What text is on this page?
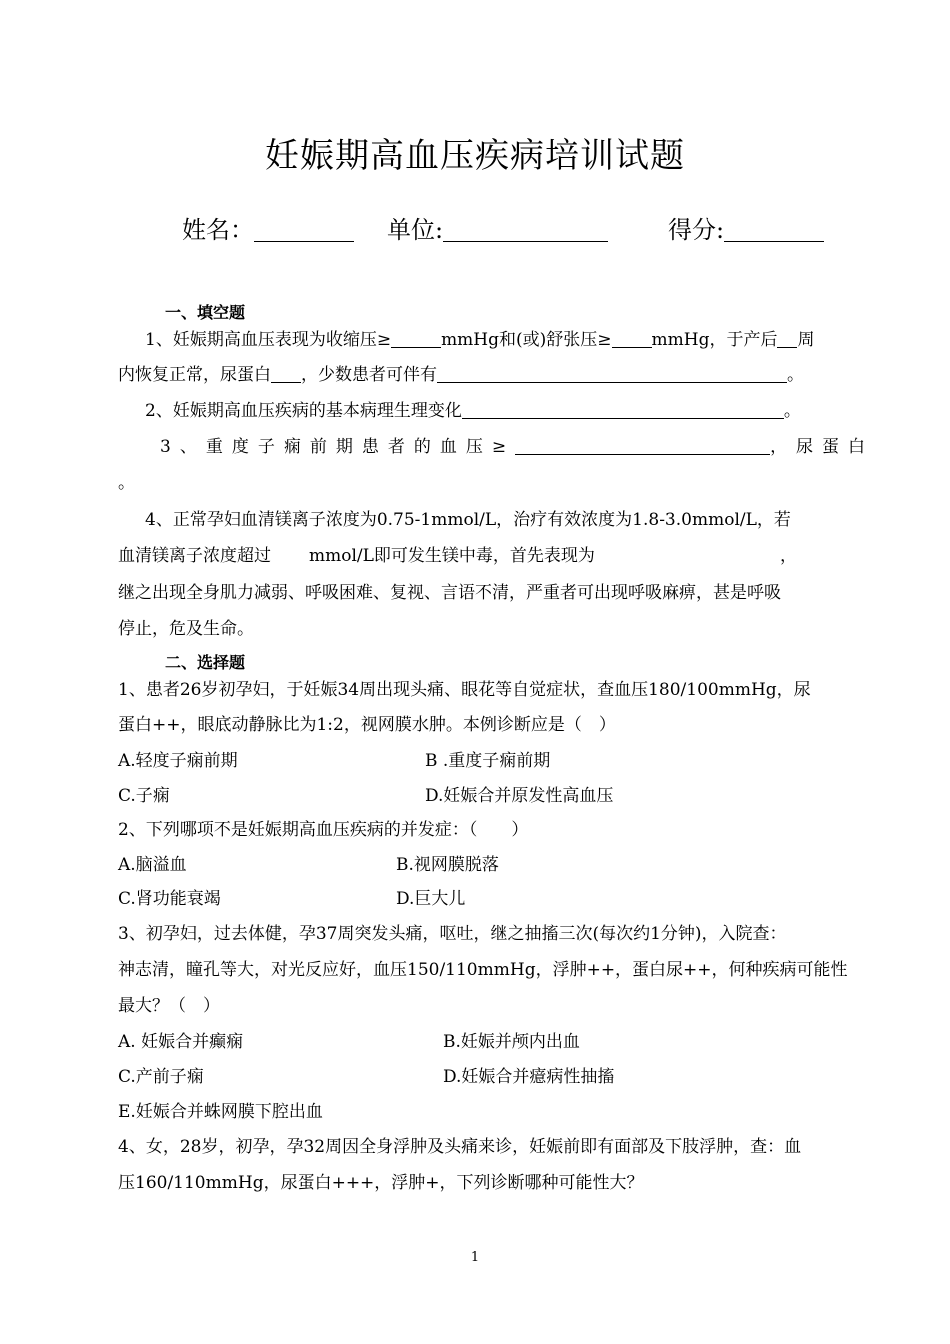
妊娠期高血压疾病培训试题
姓名：	单位:	得分:
一、填空题
1、妊娠期高血压表现为收缩压≥	mmHg和(或)舒张压≥ mmHg，于产后 周
内恢复正常，尿蛋白 ，少数患者可伴有	。
2、妊娠期高血压疾病的基本病理生理变化	。
3、重度子痫前期患者的血压≥	，尿蛋白
。
4、正常孕妇血清镁离子浓度为0.75-1mmol/L，治疗有效浓度为1.8-3.0mmol/L，若
血清镁离子浓度超过 mmol/L即可发生镁中毒，首先表现为	，
继之出现全身肌力减弱、呼吸困难、复视、言语不清，严重者可出现呼吸麻痹，甚是呼吸
停止，危及生命。
二、选择题
1、患者26岁初孕妇，于妊娠34周出现头痛、眼花等自觉症状，查血压180/100mmHg，尿
蛋白++，眼底动静脉比为1:2，视网膜水肿。本例诊断应是（　）
A.轻度子痫前期	B .重度子痫前期
C.子痫	D.妊娠合并原发性高血压
2、下列哪项不是妊娠期高血压疾病的并发症：（　　）
A.脑溢血	B.视网膜脱落
C.肾功能衰竭	D.巨大儿
3、初孕妇，过去体健，孕37周突发头痛，呕吐，继之抽搐三次(每次约1分钟)，入院查：
神志清，瞳孔等大，对光反应好，血压150/110mmHg，浮肿++，蛋白尿++，何种疾病可能性
最大？（　）
A. 妊娠合并癫痫	B.妊娠并颅内出血
C.产前子痫	D.妊娠合并癔病性抽搐
E.妊娠合并蛛网膜下腔出血
4、女，28岁，初孕，孕32周因全身浮肿及头痛来诊，妊娠前即有面部及下肢浮肿，查：血
压160/110mmHg，尿蛋白+++，浮肿+，下列诊断哪种可能性大？
1
